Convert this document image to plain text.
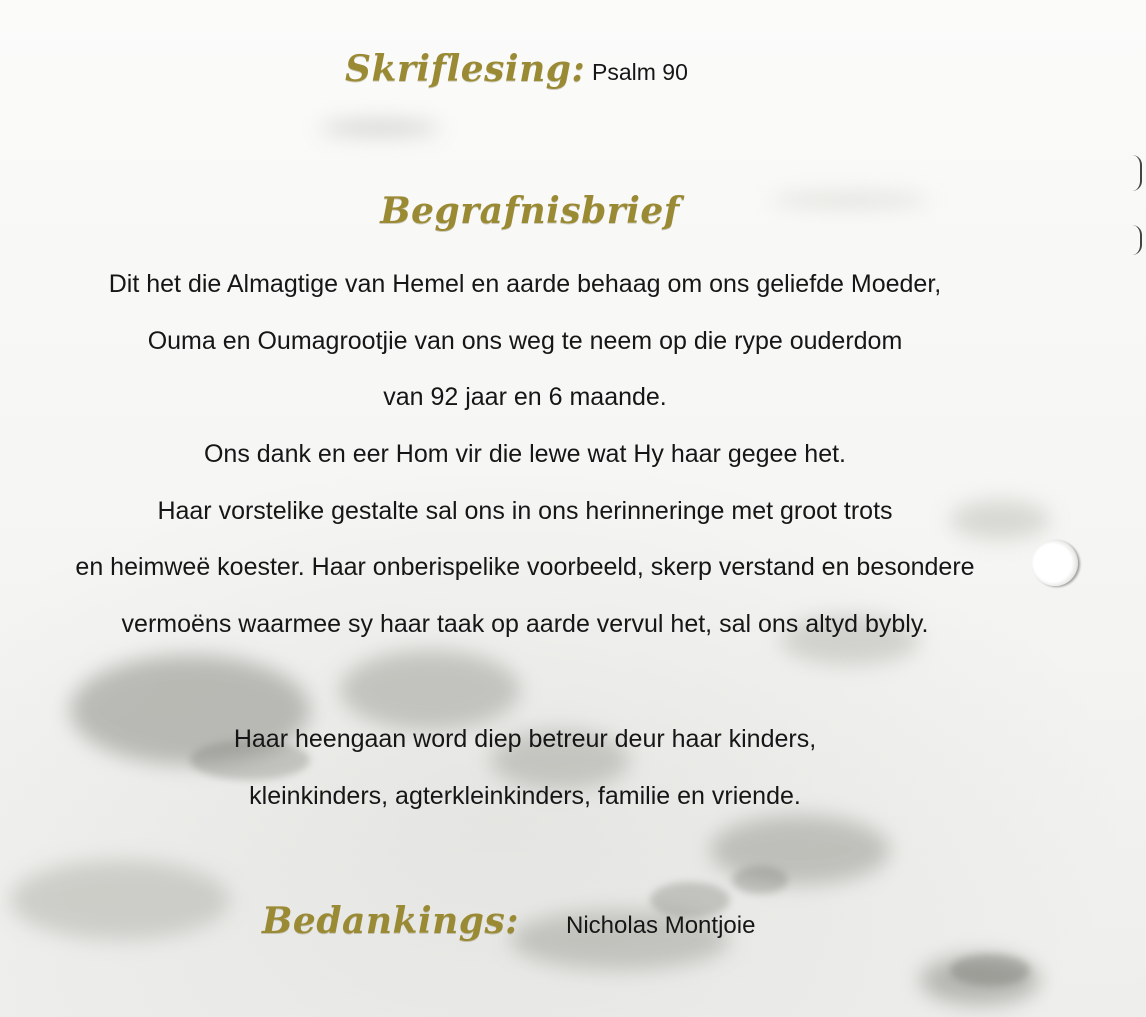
Skriflesing: Psalm 90
Begrafnisbrief
Dit het die Almagtige van Hemel en aarde behaag om ons geliefde Moeder,
Ouma en Oumagrootjie van ons weg te neem op die rype ouderdom
van 92 jaar en 6 maande.
Ons dank en eer Hom vir die lewe wat Hy haar gegee het.
Haar vorstelike gestalte sal ons in ons herinneringe met groot trots
en heimweë koester. Haar onberispelike voorbeeld, skerp verstand en besondere
vermoëns waarmee sy haar taak op aarde vervul het, sal ons altyd bybly.
Haar heengaan word diep betreur deur haar kinders,
kleinkinders, agterkleinkinders, familie en vriende.
Bedankings: Nicholas Montjoie
